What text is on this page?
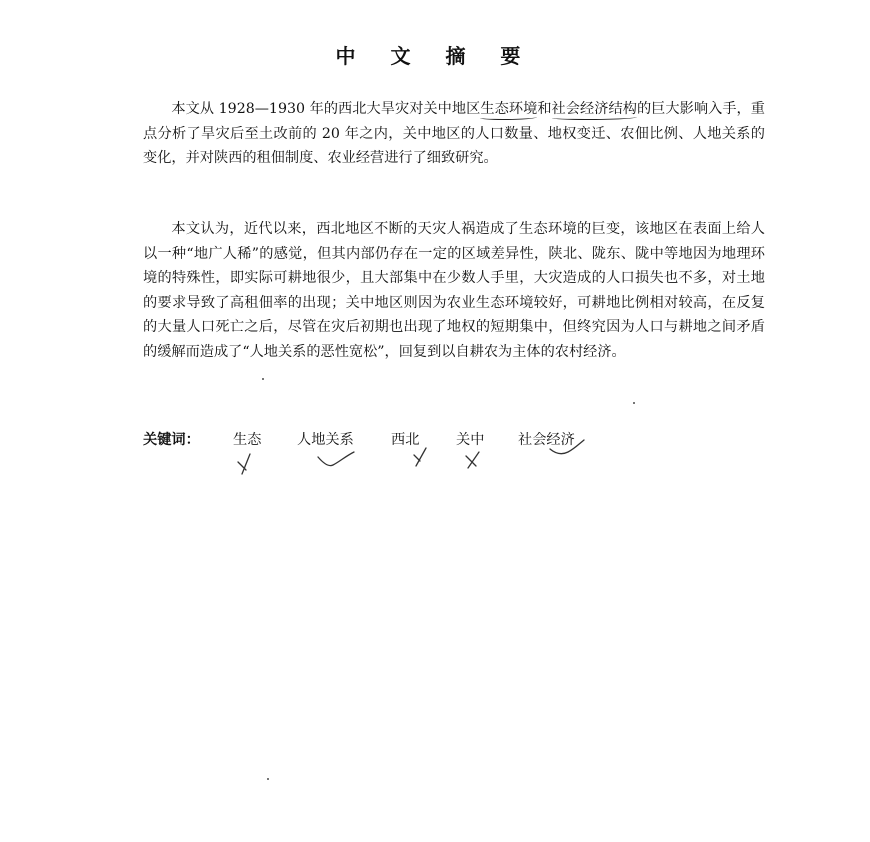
中 文 摘 要

本文从 1928—1930 年的西北大旱灾对关中地区生态环境和社会经济结构的巨大影响入手，重点分析了旱灾后至土改前的 20 年之内，关中地区的人口数量、地权变迁、农佃比例、人地关系的变化，并对陕西的租佃制度、农业经营进行了细致研究。

本文认为，近代以来，西北地区不断的天灾人祸造成了生态环境的巨变，该地区在表面上给人以一种“地广人稀”的感觉，但其内部仍存在一定的区域差异性，陕北、陇东、陇中等地因为地理环境的特殊性，即实际可耕地很少，且大部集中在少数人手里，大灾造成的人口损失也不多，对土地的要求导致了高租佃率的出现；关中地区则因为农业生态环境较好，可耕地比例相对较高，在反复的大量人口死亡之后，尽管在灾后初期也出现了地权的短期集中，但终究因为人口与耕地之间矛盾的缓解而造成了“人地关系的恶性宽松”，回复到以自耕农为主体的农村经济。

关键词： 生态	人地关系	西北	关中 社会经济
